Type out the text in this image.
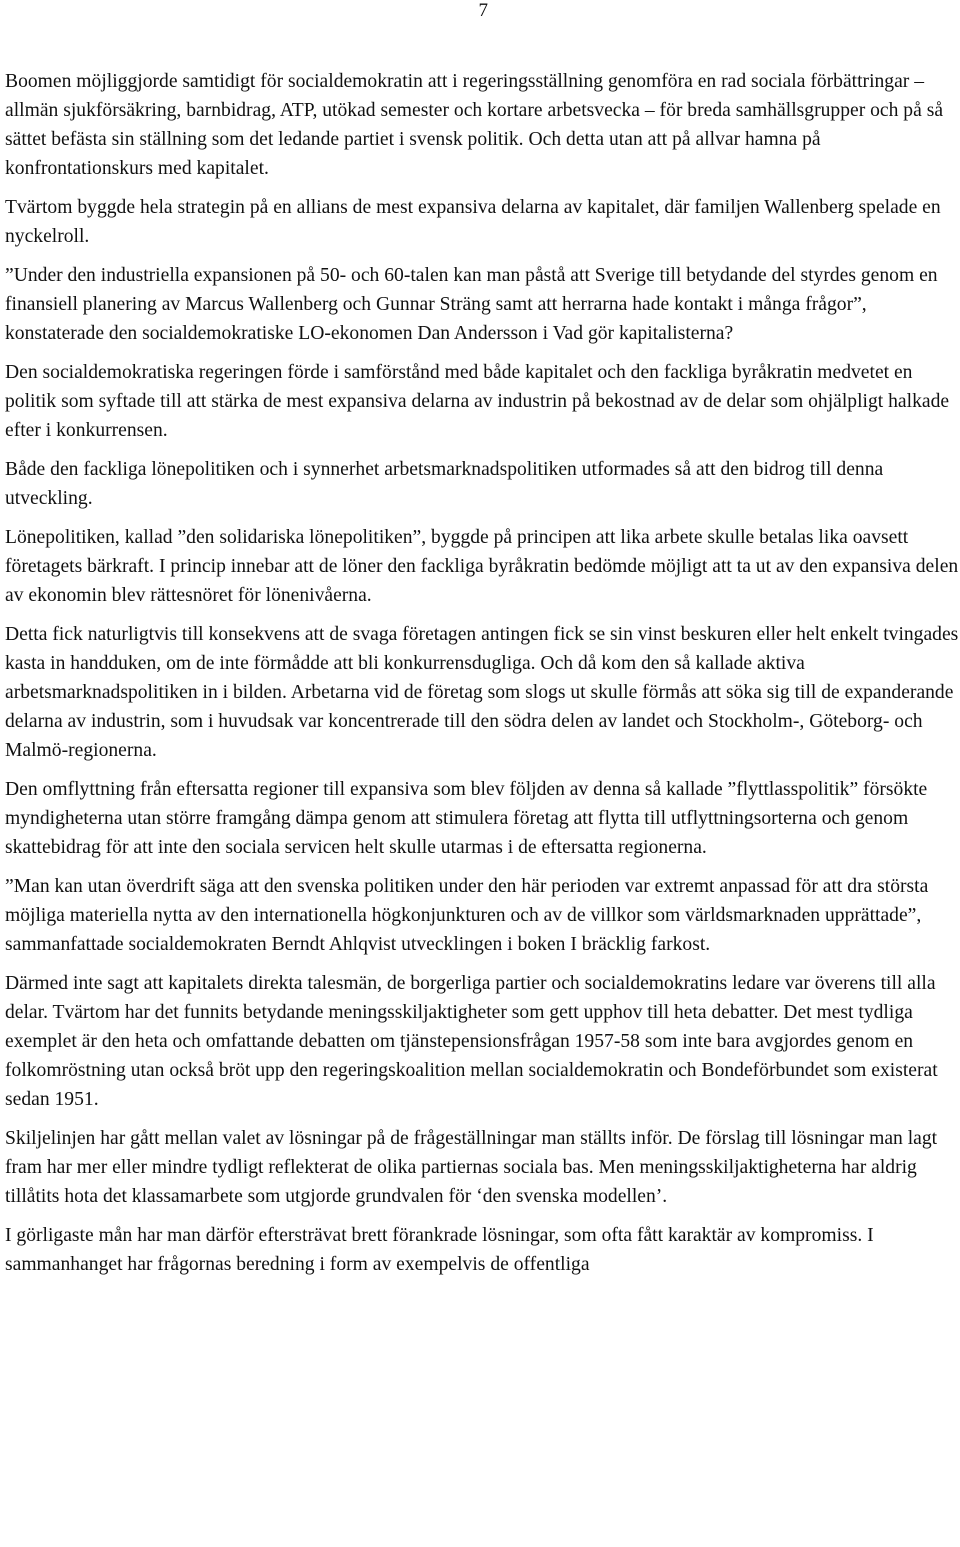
7

Boomen möjliggjorde samtidigt för socialdemokratin att i regeringsställning genomföra en rad sociala förbättringar – allmän sjukförsäkring, barnbidrag, ATP, utökad semester och kortare arbetsvecka – för breda samhällsgrupper och på så sättet befästa sin ställning som det ledande partiet i svensk politik. Och detta utan att på allvar hamna på konfrontationskurs med kapitalet.

Tvärtom byggde hela strategin på en allians de mest expansiva delarna av kapitalet, där familjen Wallenberg spelade en nyckelroll.

”Under den industriella expansionen på 50- och 60-talen kan man påstå att Sverige till betydande del styrdes genom en finansiell planering av Marcus Wallenberg och Gunnar Sträng samt att herrarna hade kontakt i många frågor”, konstaterade den socialdemokratiske LO-ekonomen Dan Andersson i Vad gör kapitalisterna?

Den socialdemokratiska regeringen förde i samförstånd med både kapitalet och den fackliga byråkratin medvetet en politik som syftade till att stärka de mest expansiva delarna av industrin på bekostnad av de delar som ohjälpligt halkade efter i konkurrensen.

Både den fackliga lönepolitiken och i synnerhet arbetsmarknadspolitiken utformades så att den bidrog till denna utveckling.

Lönepolitiken, kallad ”den solidariska lönepolitiken”, byggde på principen att lika arbete skulle betalas lika oavsett företagets bärkraft. I princip innebar att de löner den fackliga byråkratin bedömde möjligt att ta ut av den expansiva delen av ekonomin blev rättesnöret för lönenivåerna.

Detta fick naturligtvis till konsekvens att de svaga företagen antingen fick se sin vinst beskuren eller helt enkelt tvingades kasta in handduken, om de inte förmådde att bli konkurrensdugliga. Och då kom den så kallade aktiva arbetsmarknadspolitiken in i bilden. Arbetarna vid de företag som slogs ut skulle förmås att söka sig till de expanderande delarna av industrin, som i huvudsak var koncentrerade till den södra delen av landet och Stockholm-, Göteborg- och Malmö-regionerna.

Den omflyttning från eftersatta regioner till expansiva som blev följden av denna så kallade ”flyttlasspolitik” försökte myndigheterna utan större framgång dämpa genom att stimulera företag att flytta till utflyttningsorterna och genom skattebidrag för att inte den sociala servicen helt skulle utarmas i de eftersatta regionerna.

”Man kan utan överdrift säga att den svenska politiken under den här perioden var extremt anpassad för att dra största möjliga materiella nytta av den internationella högkonjunkturen och av de villkor som världsmarknaden upprättade”, sammanfattade socialdemokraten Berndt Ahlqvist utvecklingen i boken I bräcklig farkost.

Därmed inte sagt att kapitalets direkta talesmän, de borgerliga partier och socialdemokratins ledare var överens till alla delar. Tvärtom har det funnits betydande meningsskiljaktigheter som gett upphov till heta debatter. Det mest tydliga exemplet är den heta och omfattande debatten om tjänstepensionsfrågan 1957-58 som inte bara avgjordes genom en folkomröstning utan också bröt upp den regeringskoalition mellan socialdemokratin och Bondeförbundet som existerat sedan 1951.

Skiljelinjen har gått mellan valet av lösningar på de frågeställningar man ställts inför. De förslag till lösningar man lagt fram har mer eller mindre tydligt reflekterat de olika partiernas sociala bas. Men meningsskiljaktigheterna har aldrig tillåtits hota det klassamarbete som utgjorde grundvalen för ‘den svenska modellen’.

I görligaste mån har man därför eftersträvat brett förankrade lösningar, som ofta fått karaktär av kompromiss. I sammanhanget har frågornas beredning i form av exempelvis de offentliga
